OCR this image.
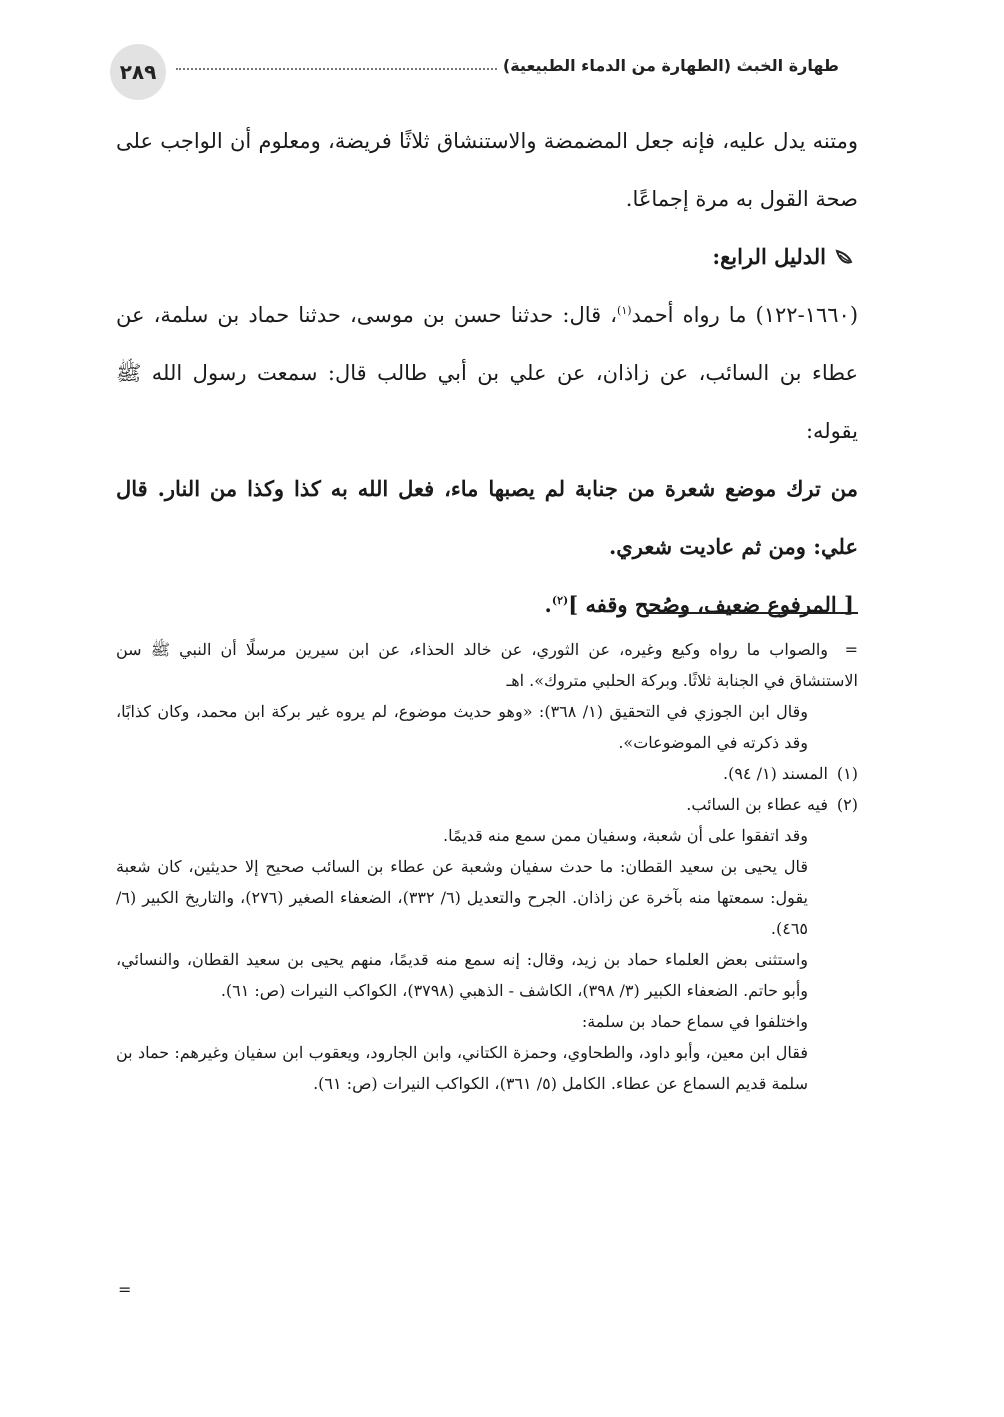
٢٨٩	طهارة الخبث (الطهارة من الدماء الطبيعية)

ومتنه يدل عليه، فإنه جعل المضمضة والاستنشاق ثلاثًا فريضة، ومعلوم أن الواجب على صحة القول به مرة إجماعًا.

الدليل الرابع:

(١٦٦٠-١٢٢) ما رواه أحمد$^{(١)}$، قال: حدثنا حسن بن موسى، حدثنا حماد بن سلمة، عن عطاء بن السائب، عن زاذان، عن علي بن أبي طالب قال: سمعت رسول الله ﷺ يقوله:

من ترك موضع شعرة من جنابة لم يصبها ماء، فعل الله به كذا وكذا من النار. قال علي: ومن ثم عاديت شعري.

[ المرفوع ضعيف، وصُحح وقفه ]$^{(٢)}$.

=والصواب ما رواه وكيع وغيره، عن الثوري، عن خالد الحذاء، عن ابن سيرين مرسلًا أن النبي ﷺ سن الاستنشاق في الجنابة ثلاثًا. وبركة الحلبي متروك». اهـ

وقال ابن الجوزي في التحقيق (١/ ٣٦٨): «وهو حديث موضوع، لم يروه غير بركة ابن محمد، وكان كذابًا، وقد ذكرته في الموضوعات».

(١)المسند (١/ ٩٤).

(٢)فيه عطاء بن السائب.

وقد اتفقوا على أن شعبة، وسفيان ممن سمع منه قديمًا.

قال يحيى بن سعيد القطان: ما حدث سفيان وشعبة عن عطاء بن السائب صحيح إلا حديثين، كان شعبة يقول: سمعتها منه بآخرة عن زاذان. الجرح والتعديل (٦/ ٣٣٢)، الضعفاء الصغير (٢٧٦)، والتاريخ الكبير (٦/ ٤٦٥).

واستثنى بعض العلماء حماد بن زيد، وقال: إنه سمع منه قديمًا، منهم يحيى بن سعيد القطان، والنسائي، وأبو حاتم. الضعفاء الكبير (٣/ ٣٩٨)، الكاشف - الذهبي (٣٧٩٨)، الكواكب النيرات (ص: ٦١).

واختلفوا في سماع حماد بن سلمة:

فقال ابن معين، وأبو داود، والطحاوي، وحمزة الكتاني، وابن الجارود، ويعقوب ابن سفيان وغيرهم: حماد بن سلمة قديم السماع عن عطاء. الكامل (٥/ ٣٦١)، الكواكب النيرات (ص: ٦١).

=
